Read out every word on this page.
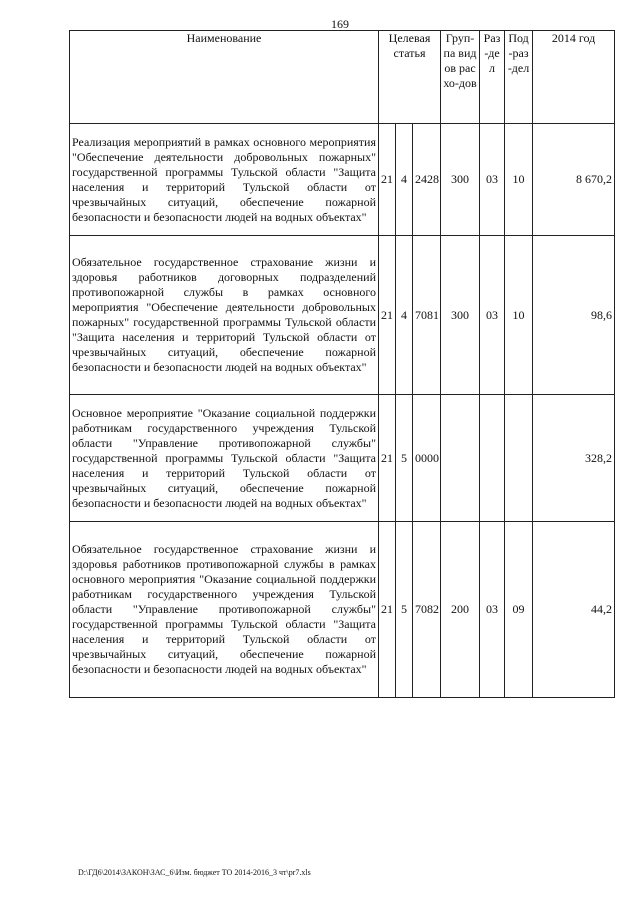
169
Наименование	Целевая статья			Груп-па видов расхо-дов	Раз-дел	Под-раз-дел	2014 год
Реализация мероприятий в рамках основного мероприятия "Обеспечение деятельности добровольных пожарных" государственной программы Тульской области "Защита населения и территорий Тульской области от чрезвычайных ситуаций, обеспечение пожарной безопасности и безопасности людей на водных объектах"	21	4	2428	300	03	10	8 670,2
Обязательное государственное страхование жизни и здоровья работников договорных подразделений противопожарной службы в рамках основного мероприятия "Обеспечение деятельности добровольных пожарных" государственной программы Тульской области "Защита населения и территорий Тульской области от чрезвычайных ситуаций, обеспечение пожарной безопасности и безопасности людей на водных объектах"	21	4	7081	300	03	10	98,6
Основное мероприятие "Оказание социальной поддержки работникам государственного учреждения Тульской области "Управление противопожарной службы" государственной программы Тульской области "Защита населения и территорий Тульской области от чрезвычайных ситуаций, обеспечение пожарной безопасности и безопасности людей на водных объектах"	21	5	0000				328,2
Обязательное государственное страхование жизни и здоровья работников противопожарной службы в рамках основного мероприятия "Оказание социальной поддержки работникам государственного учреждения Тульской области "Управление противопожарной службы" государственной программы Тульской области "Защита населения и территорий Тульской области от чрезвычайных ситуаций, обеспечение пожарной безопасности и безопасности людей на водных объектах"	21	5	7082	200	03	09	44,2
D:\ГД6\2014\ЗАКОН\ЗАС_6\Изм. бюджет ТО 2014-2016_3 чт\pr7.xls
